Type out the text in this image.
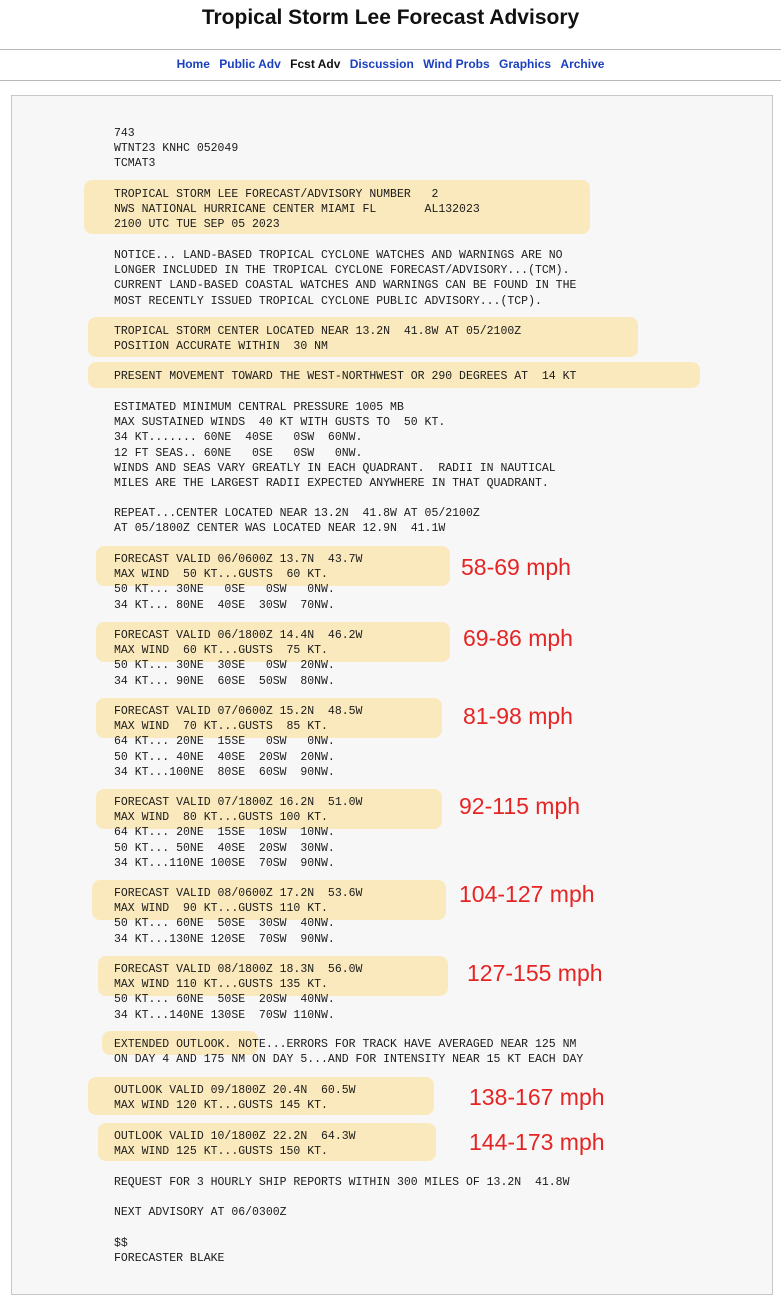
Tropical Storm Lee Forecast Advisory
Home Public Adv Fcst Adv Discussion Wind Probs Graphics Archive
743
WTNT23 KNHC 052049
TCMAT3
TROPICAL STORM LEE FORECAST/ADVISORY NUMBER   2
NWS NATIONAL HURRICANE CENTER MIAMI FL       AL132023
2100 UTC TUE SEP 05 2023
NOTICE... LAND-BASED TROPICAL CYCLONE WATCHES AND WARNINGS ARE NO
LONGER INCLUDED IN THE TROPICAL CYCLONE FORECAST/ADVISORY...(TCM).
CURRENT LAND-BASED COASTAL WATCHES AND WARNINGS CAN BE FOUND IN THE
MOST RECENTLY ISSUED TROPICAL CYCLONE PUBLIC ADVISORY...(TCP).
TROPICAL STORM CENTER LOCATED NEAR 13.2N  41.8W AT 05/2100Z
POSITION ACCURATE WITHIN  30 NM
PRESENT MOVEMENT TOWARD THE WEST-NORTHWEST OR 290 DEGREES AT  14 KT
ESTIMATED MINIMUM CENTRAL PRESSURE 1005 MB
MAX SUSTAINED WINDS  40 KT WITH GUSTS TO  50 KT.
34 KT....... 60NE  40SE   0SW  60NW.
12 FT SEAS.. 60NE   0SE   0SW   0NW.
WINDS AND SEAS VARY GREATLY IN EACH QUADRANT.  RADII IN NAUTICAL
MILES ARE THE LARGEST RADII EXPECTED ANYWHERE IN THAT QUADRANT.
REPEAT...CENTER LOCATED NEAR 13.2N  41.8W AT 05/2100Z
AT 05/1800Z CENTER WAS LOCATED NEAR 12.9N  41.1W
FORECAST VALID 06/0600Z 13.7N  43.7W
MAX WIND  50 KT...GUSTS  60 KT.
50 KT... 30NE   0SE   0SW   0NW.
34 KT... 80NE  40SE  30SW  70NW.
FORECAST VALID 06/1800Z 14.4N  46.2W
MAX WIND  60 KT...GUSTS  75 KT.
50 KT... 30NE  30SE   0SW  20NW.
34 KT... 90NE  60SE  50SW  80NW.
FORECAST VALID 07/0600Z 15.2N  48.5W
MAX WIND  70 KT...GUSTS  85 KT.
64 KT... 20NE  15SE   0SW   0NW.
50 KT... 40NE  40SE  20SW  20NW.
34 KT...100NE  80SE  60SW  90NW.
FORECAST VALID 07/1800Z 16.2N  51.0W
MAX WIND  80 KT...GUSTS 100 KT.
64 KT... 20NE  15SE  10SW  10NW.
50 KT... 50NE  40SE  20SW  30NW.
34 KT...110NE 100SE  70SW  90NW.
FORECAST VALID 08/0600Z 17.2N  53.6W
MAX WIND  90 KT...GUSTS 110 KT.
50 KT... 60NE  50SE  30SW  40NW.
34 KT...130NE 120SE  70SW  90NW.
FORECAST VALID 08/1800Z 18.3N  56.0W
MAX WIND 110 KT...GUSTS 135 KT.
50 KT... 60NE  50SE  20SW  40NW.
34 KT...140NE 130SE  70SW 110NW.
EXTENDED OUTLOOK. NOTE...ERRORS FOR TRACK HAVE AVERAGED NEAR 125 NM
ON DAY 4 AND 175 NM ON DAY 5...AND FOR INTENSITY NEAR 15 KT EACH DAY
OUTLOOK VALID 09/1800Z 20.4N  60.5W
MAX WIND 120 KT...GUSTS 145 KT.
OUTLOOK VALID 10/1800Z 22.2N  64.3W
MAX WIND 125 KT...GUSTS 150 KT.
REQUEST FOR 3 HOURLY SHIP REPORTS WITHIN 300 MILES OF 13.2N  41.8W
NEXT ADVISORY AT 06/0300Z
$$
FORECASTER BLAKE
58-69 mph
69-86 mph
81-98 mph
92-115 mph
104-127 mph
127-155 mph
138-167 mph
144-173 mph
